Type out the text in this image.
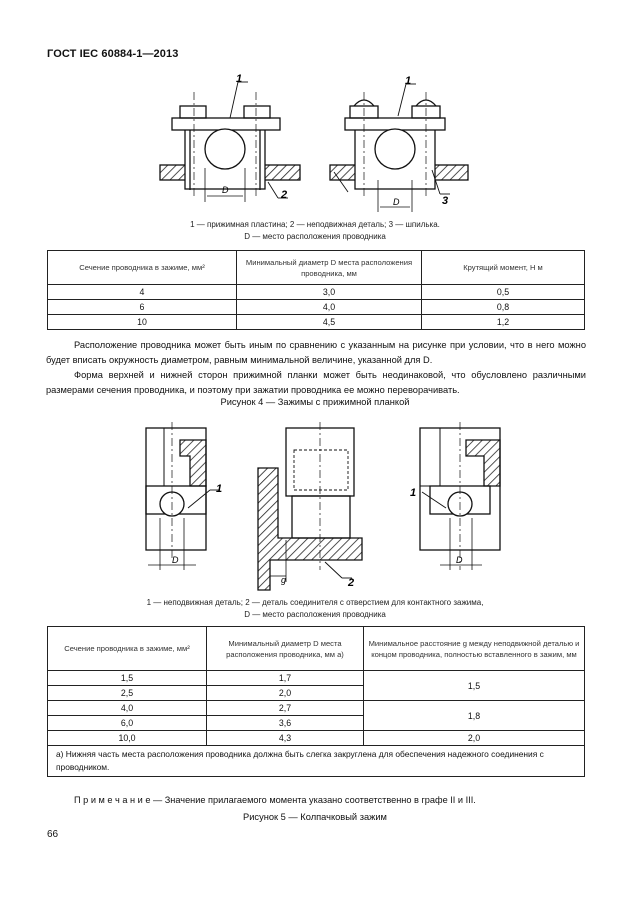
ГОСТ IEC 60884-1—2013
1
2
D
1
3
D
1 — прижимная пластина; 2 — неподвижная деталь; 3 — шпилька.
D — место расположения проводника
Сечение проводника в зажиме, мм²	Минимальный диаметр D места расположения проводника, мм	Крутящий момент, Н м
4	3,0	0,5
6	4,0	0,8
10	4,5	1,2
Расположение проводника может быть иным по сравнению с указанным на рисунке при условии, что в него можно будет вписать окружность диаметром, равным минимальной величине, указанной для D.
Форма верхней и нижней сторон прижимной планки может быть неодинаковой, что обусловлено различными размерами сечения проводника, и поэтому при зажатии проводника ее можно переворачивать.
Рисунок 4 — Зажимы с прижимной планкой
1
D
2
g
1
D
1 — неподвижная деталь; 2 — деталь соединителя с отверстием для контактного зажима,
D — место расположения проводника
Сечение проводника в зажиме, мм²	Минимальный диаметр D места расположения проводника, мм а)	Минимальное расстояние g между неподвижной деталью и концом проводника, полностью вставленного в зажим, мм
1,5	1,7	1,5
2,5	2,0	
4,0	2,7	1,8
6,0	3,6	
10,0	4,3	2,0
а) Нижняя часть места расположения проводника должна быть слегка закруглена для обеспечения надежного соединения с проводником.		
П р и м е ч а н и е — Значение прилагаемого момента указано соответственно в графе II и III.
Рисунок 5 — Колпачковый зажим
66
